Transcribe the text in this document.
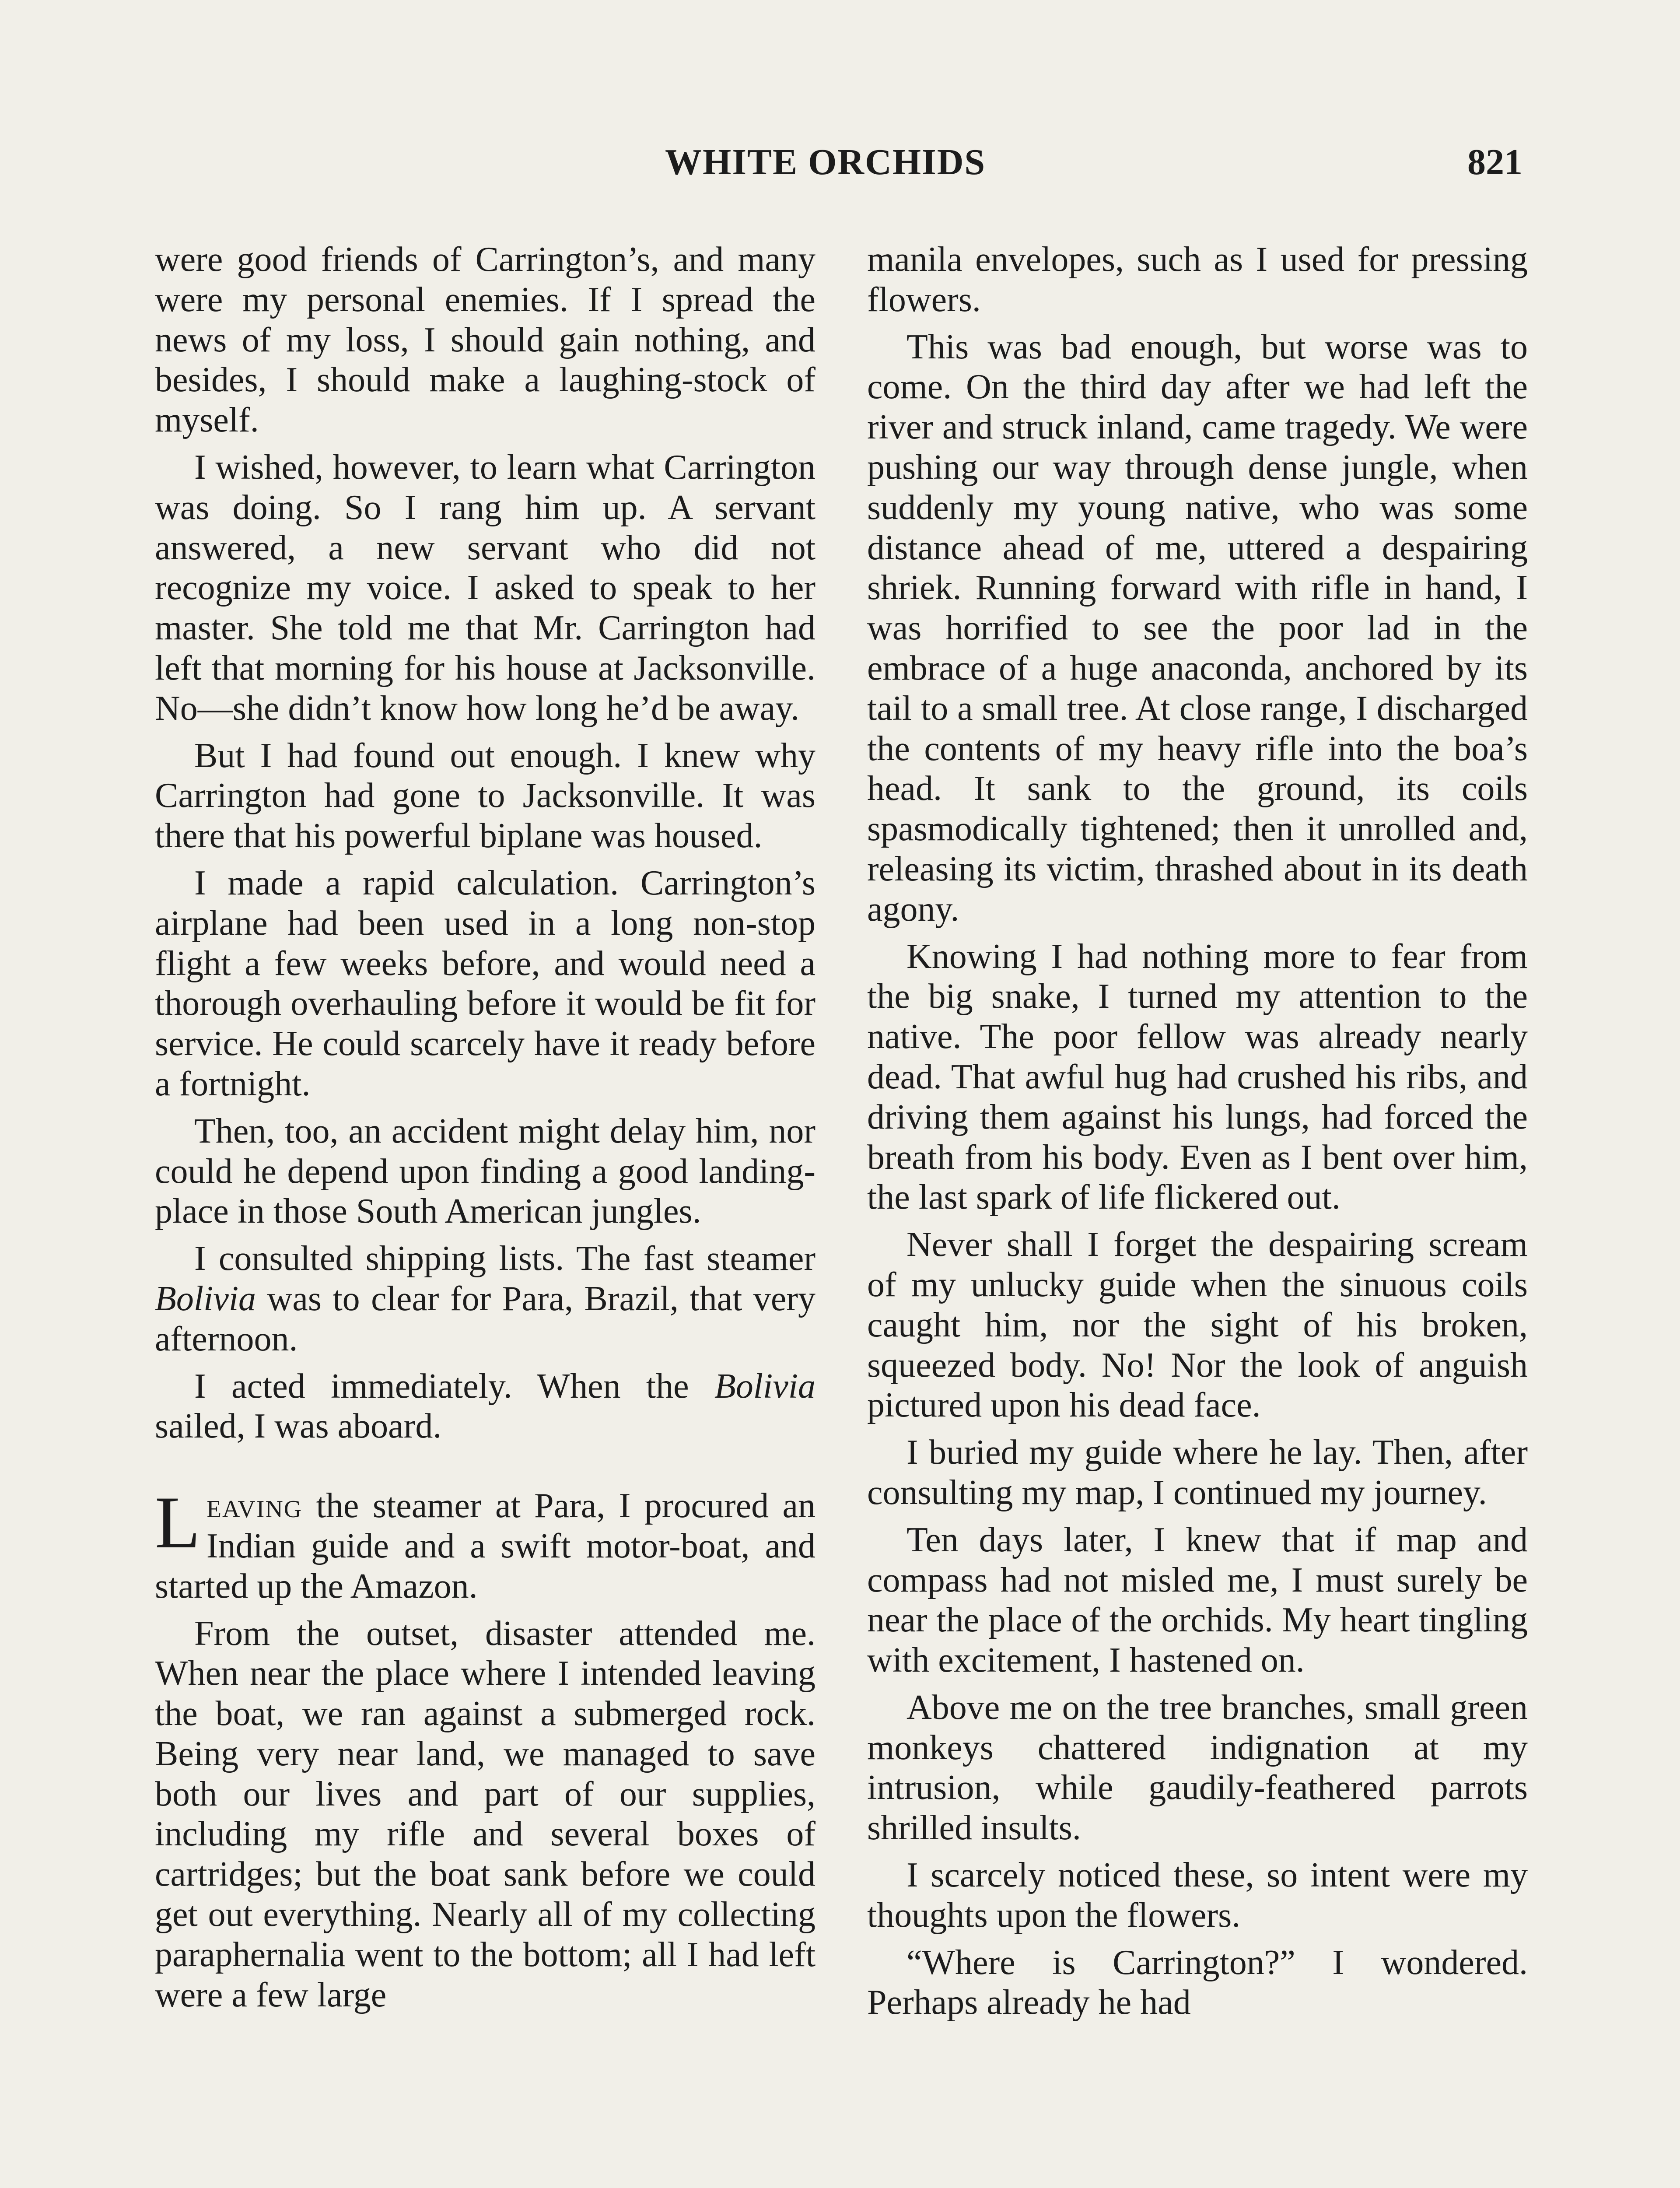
WHITE ORCHIDS	821

were good friends of Carrington’s, and many were my personal enemies. If I spread the news of my loss, I should gain nothing, and besides, I should make a laughing-stock of myself.

I wished, however, to learn what Carrington was doing. So I rang him up. A servant answered, a new servant who did not recognize my voice. I asked to speak to her master. She told me that Mr. Carrington had left that morning for his house at Jacksonville. No—she didn’t know how long he’d be away.

But I had found out enough. I knew why Carrington had gone to Jacksonville. It was there that his powerful biplane was housed.

I made a rapid calculation. Carrington’s airplane had been used in a long non-stop flight a few weeks before, and would need a thorough overhauling before it would be fit for service. He could scarcely have it ready before a fortnight.

Then, too, an accident might delay him, nor could he depend upon finding a good landing-place in those South American jungles.

I consulted shipping lists. The fast steamer Bolivia was to clear for Para, Brazil, that very afternoon.

I acted immediately. When the Bolivia sailed, I was aboard.

Leaving the steamer at Para, I procured an Indian guide and a swift motor-boat, and started up the Amazon.

From the outset, disaster attended me. When near the place where I intended leaving the boat, we ran against a submerged rock. Being very near land, we managed to save both our lives and part of our supplies, including my rifle and several boxes of cartridges; but the boat sank before we could get out everything. Nearly all of my collecting paraphernalia went to the bottom; all I had left were a few large

manila envelopes, such as I used for pressing flowers.

This was bad enough, but worse was to come. On the third day after we had left the river and struck inland, came tragedy. We were pushing our way through dense jungle, when suddenly my young native, who was some distance ahead of me, uttered a despairing shriek. Running forward with rifle in hand, I was horrified to see the poor lad in the embrace of a huge anaconda, anchored by its tail to a small tree. At close range, I discharged the contents of my heavy rifle into the boa’s head. It sank to the ground, its coils spasmodically tightened; then it unrolled and, releasing its victim, thrashed about in its death agony.

Knowing I had nothing more to fear from the big snake, I turned my attention to the native. The poor fellow was already nearly dead. That awful hug had crushed his ribs, and driving them against his lungs, had forced the breath from his body. Even as I bent over him, the last spark of life flickered out.

Never shall I forget the despairing scream of my unlucky guide when the sinuous coils caught him, nor the sight of his broken, squeezed body. No! Nor the look of anguish pictured upon his dead face.

I buried my guide where he lay. Then, after consulting my map, I continued my journey.

Ten days later, I knew that if map and compass had not misled me, I must surely be near the place of the orchids. My heart tingling with excitement, I hastened on.

Above me on the tree branches, small green monkeys chattered indignation at my intrusion, while gaudily-feathered parrots shrilled insults.

I scarcely noticed these, so intent were my thoughts upon the flowers.

“Where is Carrington?” I wondered. Perhaps already he had
